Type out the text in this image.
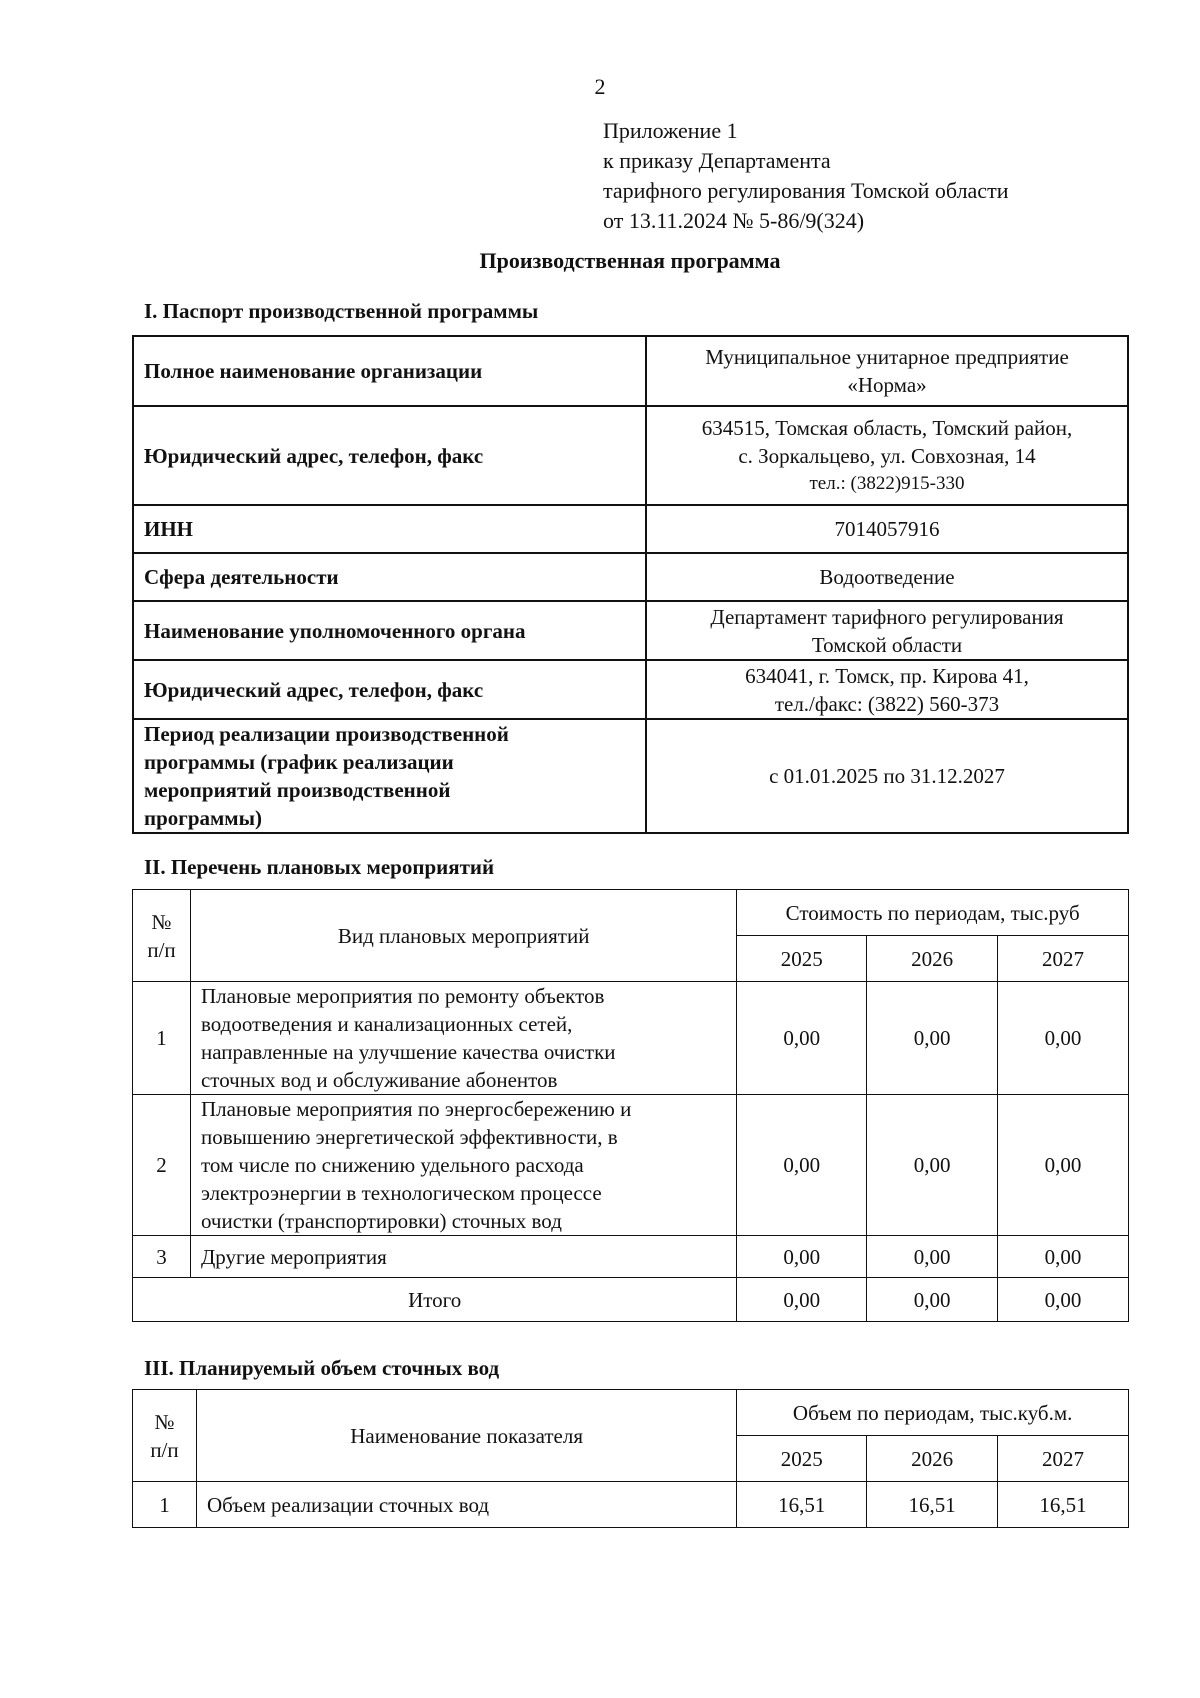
2
Приложение 1
к приказу Департамента
тарифного регулирования Томской области
от 13.11.2024 № 5-86/9(324)
Производственная программа
I. Паспорт производственной программы
Полное наименование организации	Муниципальное унитарное предприятие
«Норма»

Юридический адрес, телефон, факс	634515, Томская область, Томский район,
с. Зоркальцево, ул. Совхозная, 14
тел.: (3822)915-330

ИНН	7014057916

Сфера деятельности	Водоотведение

Наименование уполномоченного органа	Департамент тарифного регулирования
Томской области

Юридический адрес, телефон, факс	634041, г. Томск, пр. Кирова 41,
тел./факс: (3822) 560-373

Период реализации производственной
программы (график реализации
мероприятий производственной
программы)	с 01.01.2025 по 31.12.2027
II. Перечень плановых мероприятий
№
п/п	Вид плановых мероприятий	Стоимость по периодам, тыс.руб		
		2025	2026	2027
1	Плановые мероприятия по ремонту объектов
водоотведения и канализационных сетей,
направленные на улучшение качества очистки
сточных вод и обслуживание абонентов	0,00	0,00	0,00
2	Плановые мероприятия по энергосбережению и
повышению энергетической эффективности, в
том числе по снижению удельного расхода
электроэнергии в технологическом процессе
очистки (транспортировки) сточных вод	0,00	0,00	0,00
3	Другие мероприятия	0,00	0,00	0,00
Итого		0,00	0,00	0,00
III. Планируемый объем сточных вод
№
п/п	Наименование показателя	Объем по периодам, тыс.куб.м.		
		2025	2026	2027
1	Объем реализации сточных вод	16,51	16,51	16,51
